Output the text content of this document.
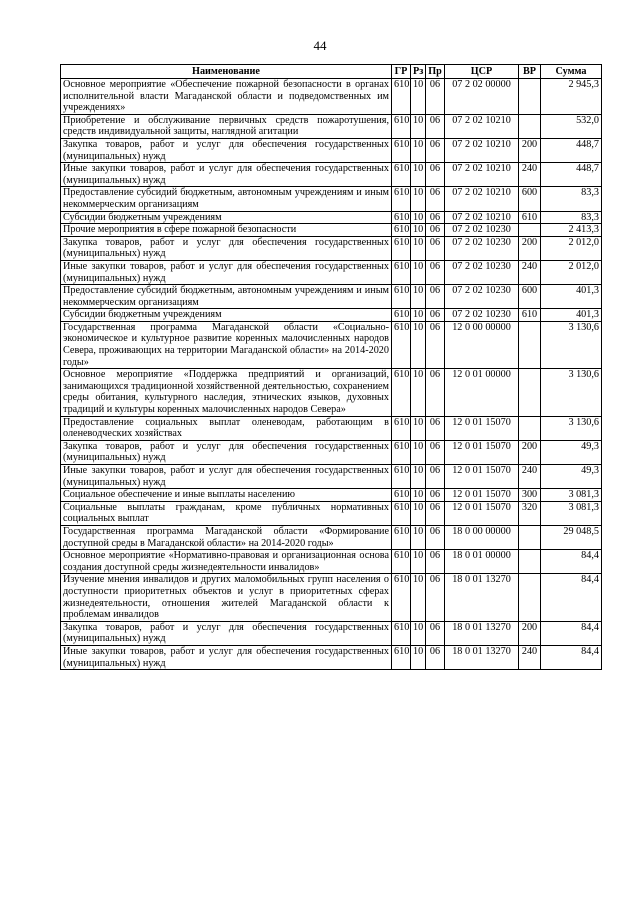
44
Наименование	ГР	Рз	Пр	ЦСР	ВР	Сумма
Основное мероприятие «Обеспечение пожарной безопасности в органах исполнительной власти Магаданской области и подведомственных им учреждениях»	610	10	06	07 2 02 00000		2 945,3
Приобретение и обслуживание первичных средств пожаротушения, средств индивидуальной защиты, наглядной агитации	610	10	06	07 2 02 10210		532,0
Закупка товаров, работ и услуг для обеспечения государственных (муниципальных) нужд	610	10	06	07 2 02 10210	200	448,7
Иные закупки товаров, работ и услуг для обеспечения государственных (муниципальных) нужд	610	10	06	07 2 02 10210	240	448,7
Предоставление субсидий бюджетным, автономным учреждениям и иным некоммерческим организациям	610	10	06	07 2 02 10210	600	83,3
Субсидии бюджетным учреждениям	610	10	06	07 2 02 10210	610	83,3
Прочие мероприятия в сфере пожарной безопасности	610	10	06	07 2 02 10230		2 413,3
Закупка товаров, работ и услуг для обеспечения государственных (муниципальных) нужд	610	10	06	07 2 02 10230	200	2 012,0
Иные закупки товаров, работ и услуг для обеспечения государственных (муниципальных) нужд	610	10	06	07 2 02 10230	240	2 012,0
Предоставление субсидий бюджетным, автономным учреждениям и иным некоммерческим организациям	610	10	06	07 2 02 10230	600	401,3
Субсидии бюджетным учреждениям	610	10	06	07 2 02 10230	610	401,3
Государственная программа Магаданской области «Социально-экономическое и культурное развитие коренных малочисленных народов Севера, проживающих на территории Магаданской области» на 2014-2020 годы»	610	10	06	12 0 00 00000		3 130,6
Основное мероприятие «Поддержка предприятий и организаций, занимающихся традиционной хозяйственной деятельностью, сохранением среды обитания, культурного наследия, этнических языков, духовных традиций и культуры коренных малочисленных народов Севера»	610	10	06	12 0 01 00000		3 130,6
Предоставление социальных выплат оленеводам, работающим в оленеводческих хозяйствах	610	10	06	12 0 01 15070		3 130,6
Закупка товаров, работ и услуг для обеспечения государственных (муниципальных) нужд	610	10	06	12 0 01 15070	200	49,3
Иные закупки товаров, работ и услуг для обеспечения государственных (муниципальных) нужд	610	10	06	12 0 01 15070	240	49,3
Социальное обеспечение и иные выплаты населению	610	10	06	12 0 01 15070	300	3 081,3
Социальные выплаты гражданам, кроме публичных нормативных социальных выплат	610	10	06	12 0 01 15070	320	3 081,3
Государственная программа Магаданской области «Формирование доступной среды в Магаданской области» на 2014-2020 годы»	610	10	06	18 0 00 00000		29 048,5
Основное мероприятие «Нормативно-правовая и организационная основа создания доступной среды жизнедеятельности инвалидов»	610	10	06	18 0 01 00000		84,4
Изучение мнения инвалидов и других маломобильных групп населения о доступности приоритетных объектов и услуг в приоритетных сферах жизнедеятельности, отношения жителей Магаданской области к проблемам инвалидов	610	10	06	18 0 01 13270		84,4
Закупка товаров, работ и услуг для обеспечения государственных (муниципальных) нужд	610	10	06	18 0 01 13270	200	84,4
Иные закупки товаров, работ и услуг для обеспечения государственных (муниципальных) нужд	610	10	06	18 0 01 13270	240	84,4
